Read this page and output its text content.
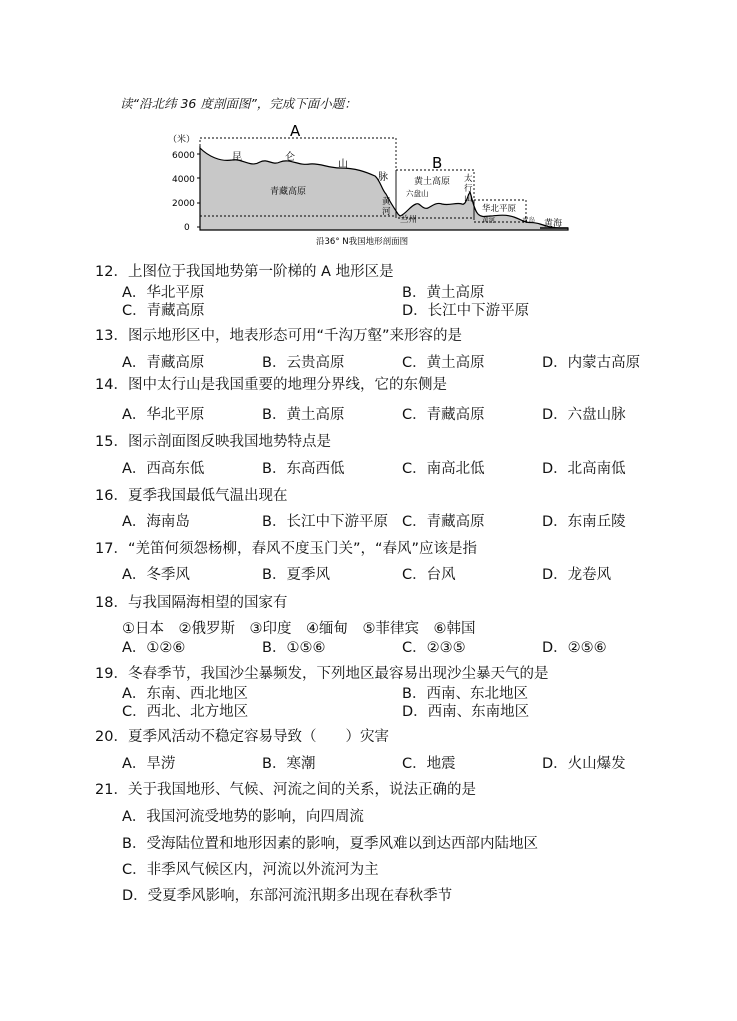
读“沿北纬 36 度剖面图”，完成下面小题：
（米）
6000
4000
2000
0
A
B
昆	仑
山
脉
青藏高原
黄
河
兰州
黄土高原
六盘山
太
行
山
华北平原
黄河	青岛 黄海
沿36° N我国地形剖面图
12．上图位于我国地势第一阶梯的 A 地形区是
A．华北平原	B．黄土高原
C．青藏高原	D．长江中下游平原
13．图示地形区中，地表形态可用“千沟万壑”来形容的是
A．青藏高原	B．云贵高原	C．黄土高原	D．内蒙古高原
14．图中太行山是我国重要的地理分界线，它的东侧是
A．华北平原	B．黄土高原	C．青藏高原	D．六盘山脉
15．图示剖面图反映我国地势特点是
A．西高东低	B．东高西低	C．南高北低	D．北高南低
16．夏季我国最低气温出现在
A．海南岛	B．长江中下游平原 C．青藏高原	D．东南丘陵
17．“羌笛何须怨杨柳，春风不度玉门关”，“春风”应该是指
A．冬季风	B．夏季风	C．台风	D．龙卷风
18．与我国隔海相望的国家有
①日本　②俄罗斯　③印度　④缅甸　⑤菲律宾　⑥韩国
A．①②⑥	B．①⑤⑥	C．②③⑤	D．②⑤⑥
19．冬春季节，我国沙尘暴频发，下列地区最容易出现沙尘暴天气的是
A．东南、西北地区	B．西南、东北地区
C．西北、北方地区	D．西南、东南地区
20．夏季风活动不稳定容易导致（　　）灾害
A．旱涝	B．寒潮	C．地震	D．火山爆发
21．关于我国地形、气候、河流之间的关系，说法正确的是
A．我国河流受地势的影响，向四周流
B．受海陆位置和地形因素的影响，夏季风难以到达西部内陆地区
C．非季风气候区内，河流以外流河为主
D．受夏季风影响，东部河流汛期多出现在春秋季节
